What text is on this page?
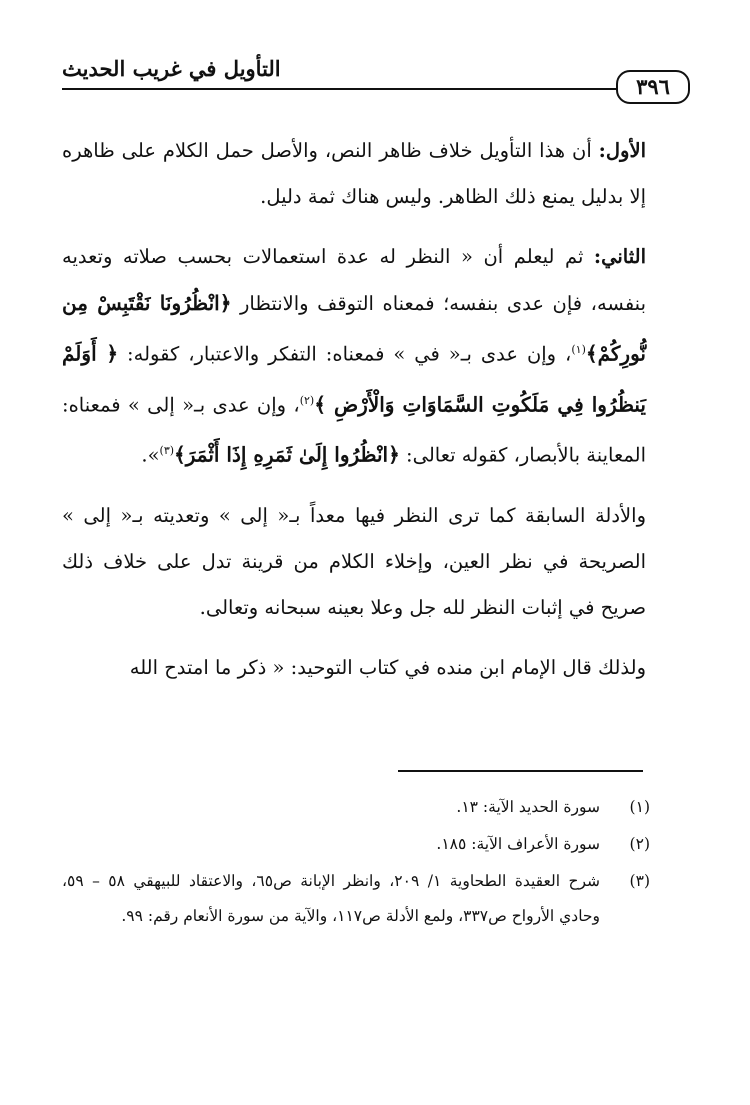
التأويل في غريب الحديث
٣٩٦

الأول: أن هذا التأويل خلاف ظاهر النص، والأصل حمل الكلام على ظاهره إلا بدليل يمنع ذلك الظاهر. وليس هناك ثمة دليل.

الثاني: ثم ليعلم أن « النظر له عدة استعمالات بحسب صلاته وتعديه بنفسه، فإن عدى بنفسه؛ فمعناه التوقف والانتظار ﴿انْظُرُونَا نَقْتَبِسْ مِن نُّورِكُمْ﴾$^{(١)}$، وإن عدى بـ« في » فمعناه: التفكر والاعتبار، كقوله: ﴿ أَوَلَمْ يَنظُرُوا فِي مَلَكُوتِ السَّمَاوَاتِ وَالْأَرْضِ ﴾$^{(٢)}$، وإن عدى بـ« إلى » فمعناه: المعاينة بالأبصار، كقوله تعالى: ﴿انْظُرُوا إِلَىٰ ثَمَرِهِ إِذَا أَثْمَرَ﴾$^{(٣)}$».

والأدلة السابقة كما ترى النظر فيها معداً بـ« إلى » وتعديته بـ« إلى » الصريحة في نظر العين، وإخلاء الكلام من قرينة تدل على خلاف ذلك صريح في إثبات النظر لله جل وعلا بعينه سبحانه وتعالى.

ولذلك قال الإمام ابن منده في كتاب التوحيد: « ذكر ما امتدح الله

(١)
سورة الحديد الآية: ١٣.
(٢)
سورة الأعراف الآية: ١٨٥.
(٣)
شرح العقيدة الطحاوية ١/ ٢٠٩، وانظر الإبانة ص٦٥، والاعتقاد للبيهقي ٥٨ – ٥٩، وحادي الأرواح ص٣٣٧، ولمع الأدلة ص١١٧، والآية من سورة الأنعام رقم: ٩٩.
